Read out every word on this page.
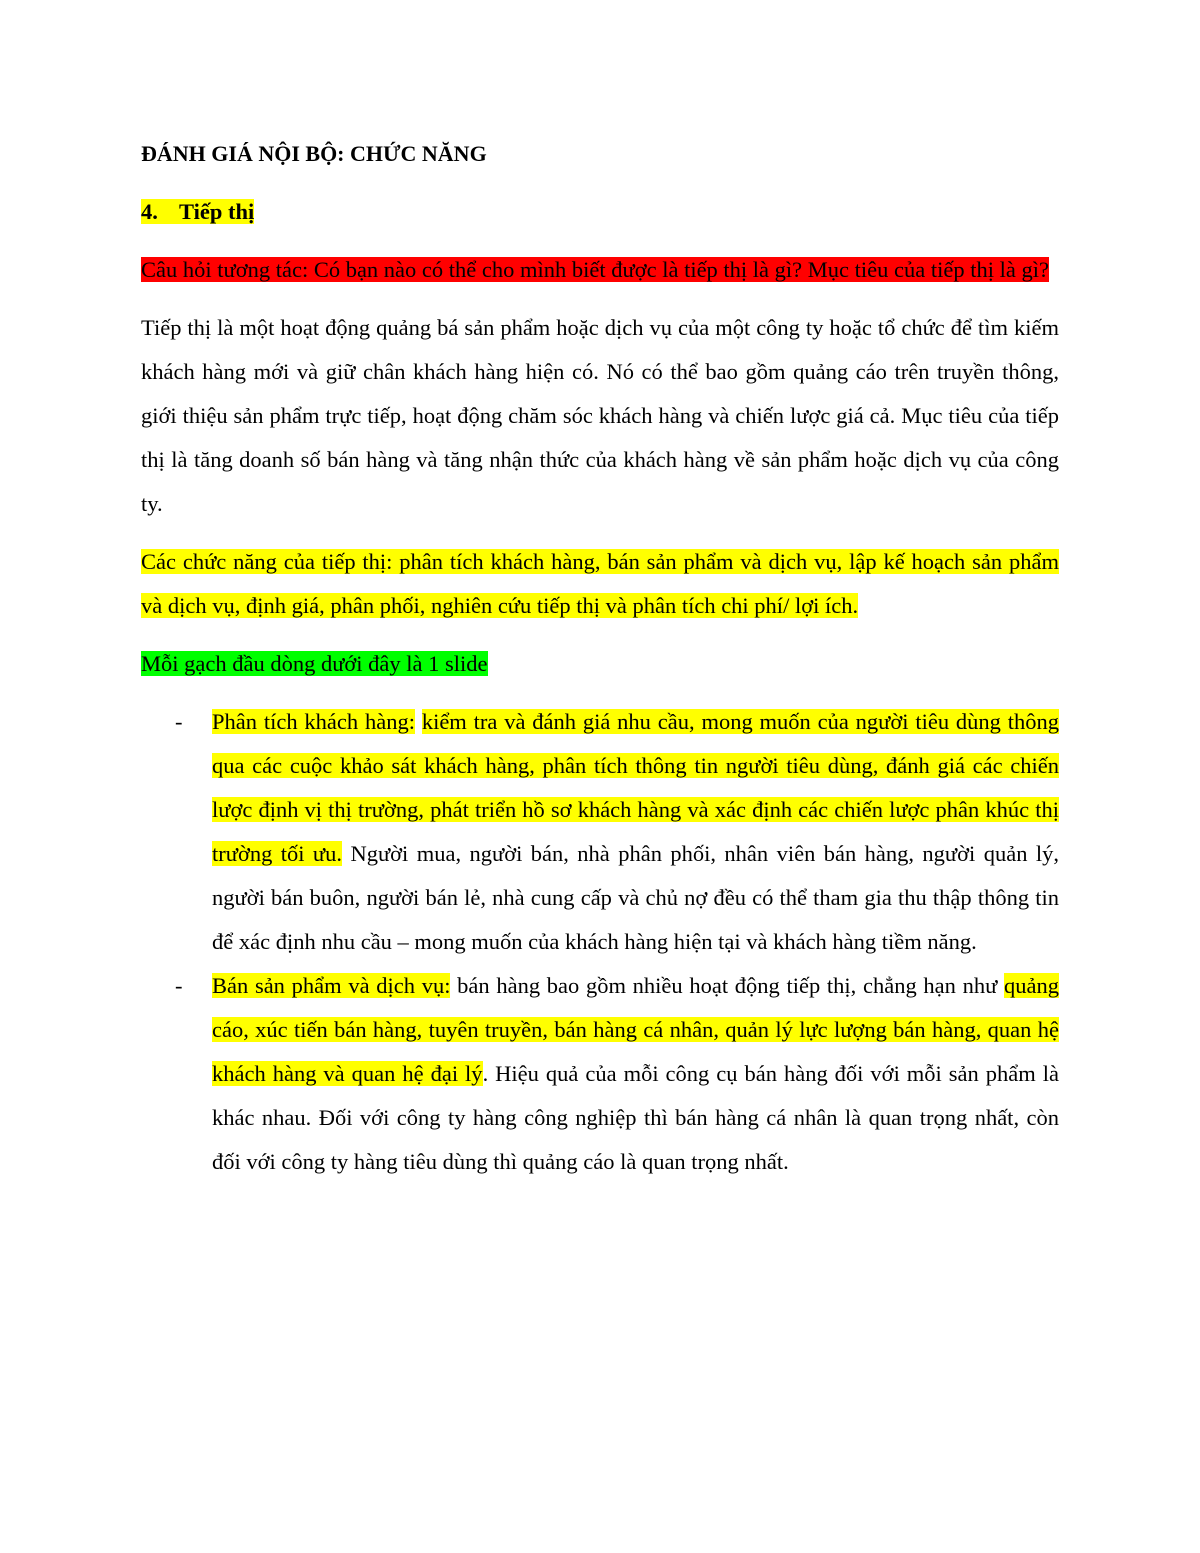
ĐÁNH GIÁ NỘI BỘ: CHỨC NĂNG

4. Tiếp thị

Câu hỏi tương tác: Có bạn nào có thể cho mình biết được là tiếp thị là gì? Mục tiêu của tiếp thị là gì?

Tiếp thị là một hoạt động quảng bá sản phẩm hoặc dịch vụ của một công ty hoặc tổ chức để tìm kiếm khách hàng mới và giữ chân khách hàng hiện có. Nó có thể bao gồm quảng cáo trên truyền thông, giới thiệu sản phẩm trực tiếp, hoạt động chăm sóc khách hàng và chiến lược giá cả. Mục tiêu của tiếp thị là tăng doanh số bán hàng và tăng nhận thức của khách hàng về sản phẩm hoặc dịch vụ của công ty.

Các chức năng của tiếp thị: phân tích khách hàng, bán sản phẩm và dịch vụ, lập kế hoạch sản phẩm và dịch vụ, định giá, phân phối, nghiên cứu tiếp thị và phân tích chi phí/ lợi ích.

Mỗi gạch đầu dòng dưới đây là 1 slide

- Phân tích khách hàng: kiểm tra và đánh giá nhu cầu, mong muốn của người tiêu dùng thông qua các cuộc khảo sát khách hàng, phân tích thông tin người tiêu dùng, đánh giá các chiến lược định vị thị trường, phát triển hồ sơ khách hàng và xác định các chiến lược phân khúc thị trường tối ưu. Người mua, người bán, nhà phân phối, nhân viên bán hàng, người quản lý, người bán buôn, người bán lẻ, nhà cung cấp và chủ nợ đều có thể tham gia thu thập thông tin để xác định nhu cầu – mong muốn của khách hàng hiện tại và khách hàng tiềm năng.
- Bán sản phẩm và dịch vụ: bán hàng bao gồm nhiều hoạt động tiếp thị, chẳng hạn như quảng cáo, xúc tiến bán hàng, tuyên truyền, bán hàng cá nhân, quản lý lực lượng bán hàng, quan hệ khách hàng và quan hệ đại lý. Hiệu quả của mỗi công cụ bán hàng đối với mỗi sản phẩm là khác nhau. Đối với công ty hàng công nghiệp thì bán hàng cá nhân là quan trọng nhất, còn đối với công ty hàng tiêu dùng thì quảng cáo là quan trọng nhất.
